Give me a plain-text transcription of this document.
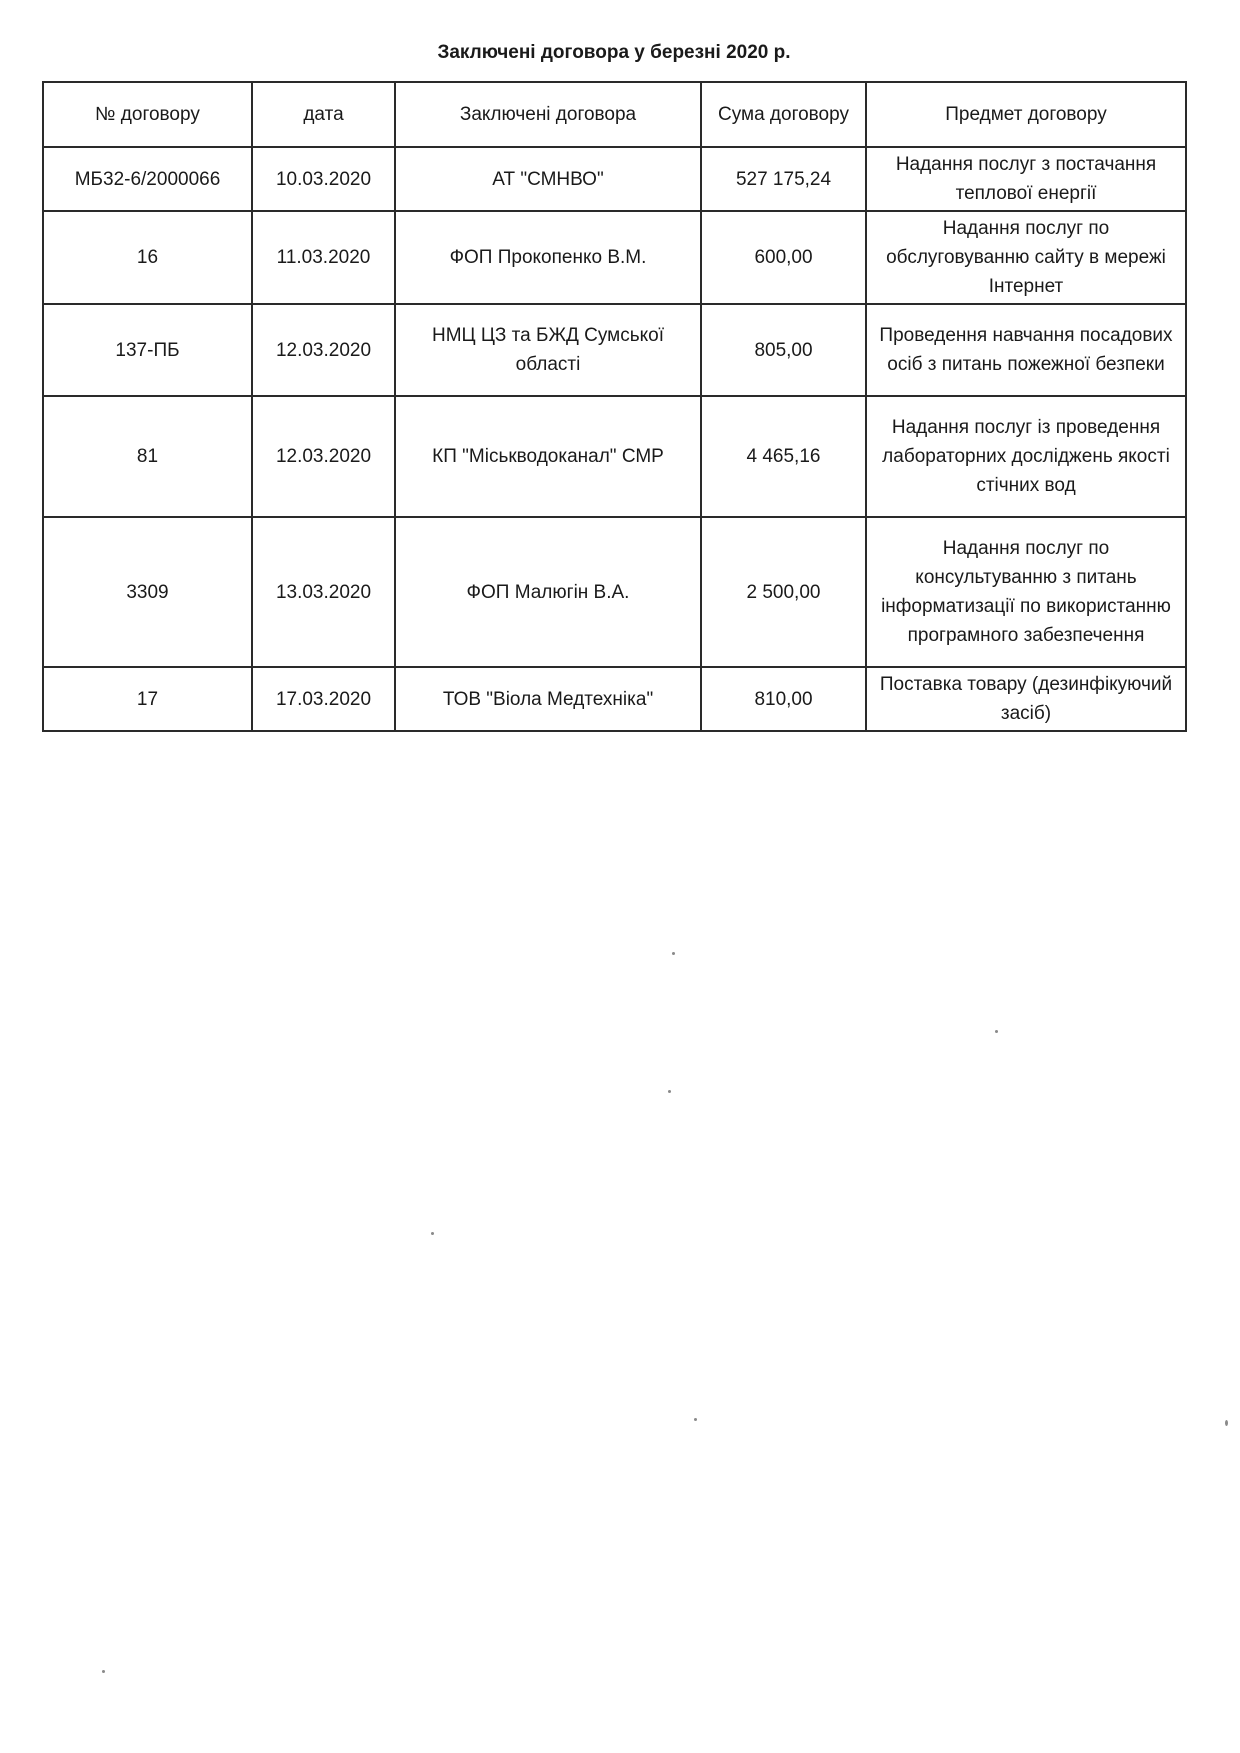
Заключені договора у березні 2020 р.
№ договору	дата	Заключені договора	Сума договору	Предмет договору
МБ32-6/2000066	10.03.2020	АТ "СМНВО"	527 175,24	Надання послуг з постачання теплової енергії
16	11.03.2020	ФОП Прокопенко В.М.	600,00	Надання послуг по обслуговуванню сайту в мережі Інтернет
137-ПБ	12.03.2020	НМЦ ЦЗ та БЖД Сумської області	805,00	Проведення навчання посадових осіб з питань пожежної безпеки
81	12.03.2020	КП "Міськводоканал" СМР	4 465,16	Надання послуг із проведення лабораторних досліджень якості стічних вод
3309	13.03.2020	ФОП Малюгін В.А.	2 500,00	Надання послуг по консультуванню з питань інформатизації по використанню програмного забезпечення
17	17.03.2020	ТОВ "Віола Медтехніка"	810,00	Поставка товару (дезинфікуючий засіб)
